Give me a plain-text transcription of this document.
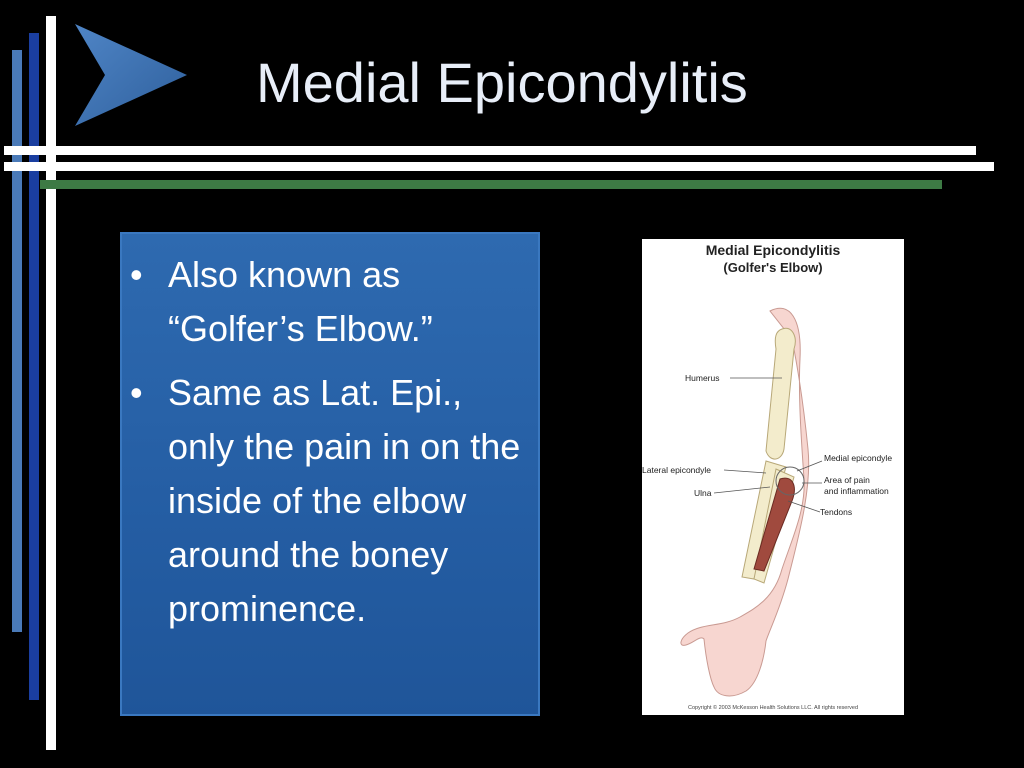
Medial Epicondylitis
• Also known as “Golfer’s Elbow.”
• Same as Lat. Epi., only the pain in on the inside of the elbow around the boney prominence.
Medial Epicondylitis
(Golfer's Elbow)
Humerus
Medial epicondyle
Lateral epicondyle
Area of pain
and inflammation
Ulna
Tendons
Copyright © 2003 McKesson Health Solutions LLC. All rights reserved
